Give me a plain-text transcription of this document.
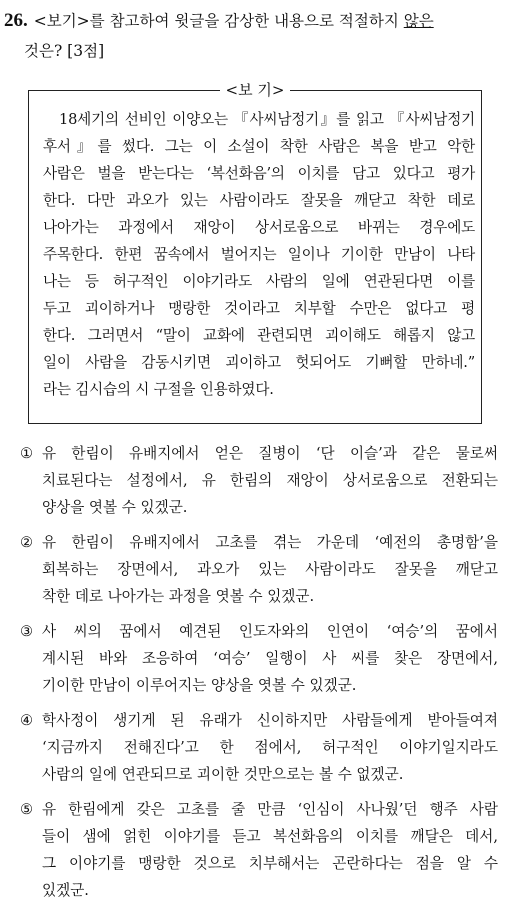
26. <보기>를 참고하여 윗글을 감상한 내용으로 적절하지 않은
것은? [3점]
<보 기>
18세기의 선비인 이양오는 『사씨남정기』를 읽고 『사씨남정기
후서』를 썼다. 그는 이 소설이 착한 사람은 복을 받고 악한
사람은 벌을 받는다는 ‘복선화음’의 이치를 담고 있다고 평가
한다. 다만 과오가 있는 사람이라도 잘못을 깨닫고 착한 데로
나아가는 과정에서 재앙이 상서로움으로 바뀌는 경우에도
주목한다. 한편 꿈속에서 벌어지는 일이나 기이한 만남이 나타
나는 등 허구적인 이야기라도 사람의 일에 연관된다면 이를
두고 괴이하거나 맹랑한 것이라고 치부할 수만은 없다고 평
한다. 그러면서 “말이 교화에 관련되면 괴이해도 해롭지 않고
일이 사람을 감동시키면 괴이하고 헛되어도 기뻐할 만하네.”
라는 김시습의 시 구절을 인용하였다.
① 유 한림이 유배지에서 얻은 질병이 ‘단 이슬’과 같은 물로써
치료된다는 설정에서, 유 한림의 재앙이 상서로움으로 전환되는
양상을 엿볼 수 있겠군.
② 유 한림이 유배지에서 고초를 겪는 가운데 ‘예전의 총명함’을
회복하는 장면에서, 과오가 있는 사람이라도 잘못을 깨닫고
착한 데로 나아가는 과정을 엿볼 수 있겠군.
③ 사 씨의 꿈에서 예견된 인도자와의 인연이 ‘여승’의 꿈에서
계시된 바와 조응하여 ‘여승’ 일행이 사 씨를 찾은 장면에서,
기이한 만남이 이루어지는 양상을 엿볼 수 있겠군.
④ 학사정이 생기게 된 유래가 신이하지만 사람들에게 받아들여져
‘지금까지 전해진다’고 한 점에서, 허구적인 이야기일지라도
사람의 일에 연관되므로 괴이한 것만으로는 볼 수 없겠군.
⑤ 유 한림에게 갖은 고초를 줄 만큼 ‘인심이 사나웠’던 행주 사람
들이 샘에 얽힌 이야기를 듣고 복선화음의 이치를 깨달은 데서,
그 이야기를 맹랑한 것으로 치부해서는 곤란하다는 점을 알 수
있겠군.
